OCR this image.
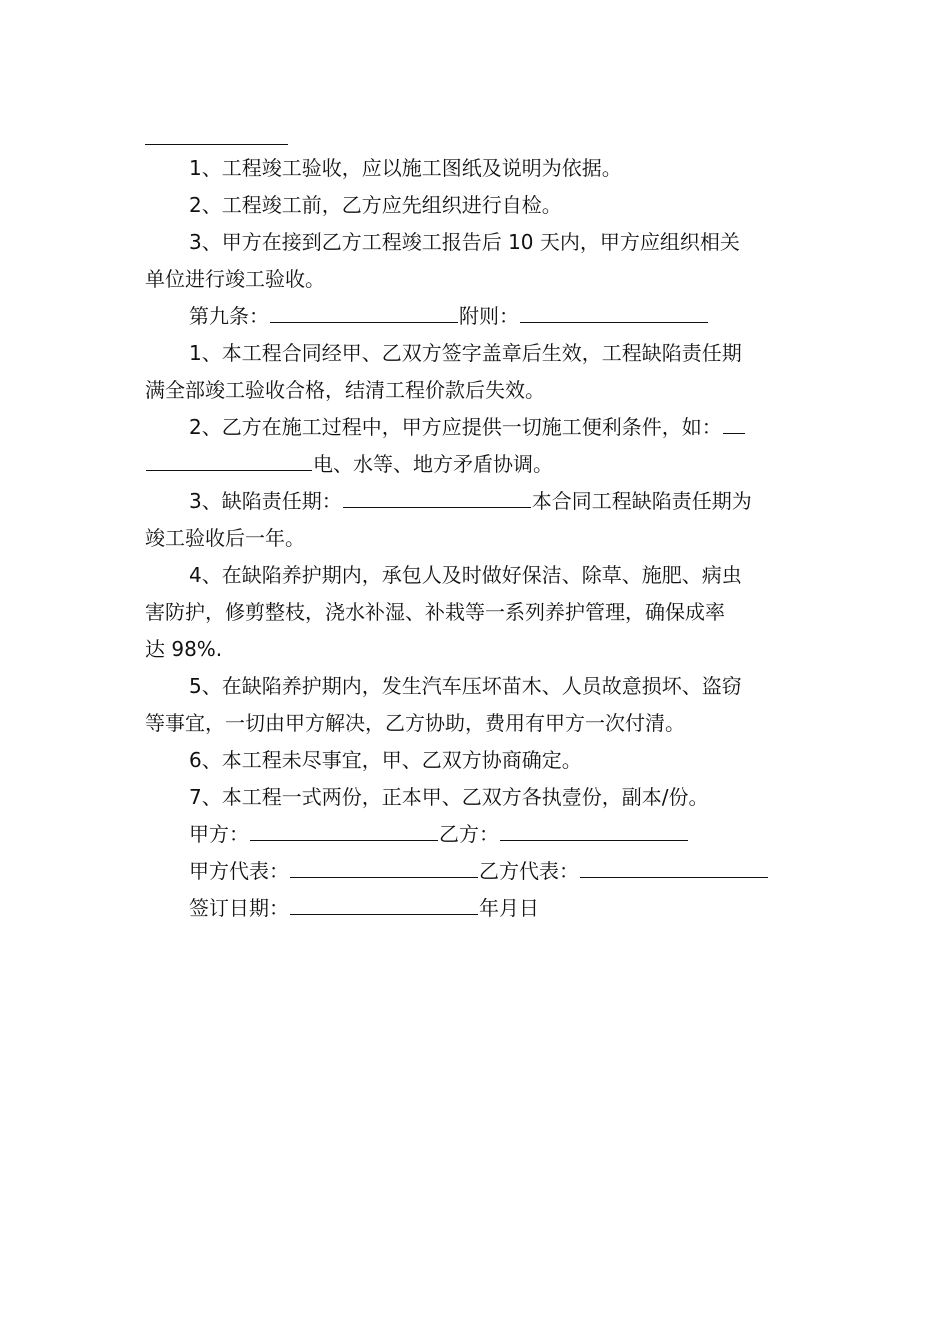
1、工程竣工验收，应以施工图纸及说明为依据。

2、工程竣工前，乙方应先组织进行自检。

3、甲方在接到乙方工程竣工报告后 10 天内，甲方应组织相关

单位进行竣工验收。

第九条：	附则：

1、本工程合同经甲、乙双方签字盖章后生效，工程缺陷责任期

满全部竣工验收合格，结清工程价款后失效。

2、乙方在施工过程中，甲方应提供一切施工便利条件，如：

电、水等、地方矛盾协调。

3、缺陷责任期：	本合同工程缺陷责任期为

竣工验收后一年。

4、在缺陷养护期内，承包人及时做好保洁、除草、施肥、病虫

害防护，修剪整枝，浇水补湿、补栽等一系列养护管理，确保成率

达 98%.

5、在缺陷养护期内，发生汽车压坏苗木、人员故意损坏、盗窃

等事宜，一切由甲方解决，乙方协助，费用有甲方一次付清。

6、本工程未尽事宜，甲、乙双方协商确定。

7、本工程一式两份，正本甲、乙双方各执壹份，副本/份。

甲方：	乙方：

甲方代表：	乙方代表：

签订日期：	年月日
